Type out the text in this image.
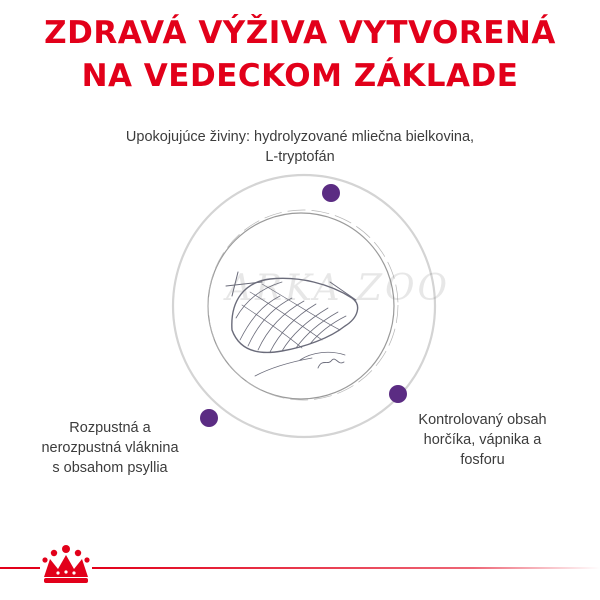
ZDRAVÁ VÝŽIVA VYTVORENÁ
NA VEDECKOM ZÁKLADE
ARKA ZOO
Upokojujúce živiny: hydrolyzované mliečna bielkovina,
L-tryptofán
Rozpustná a
nerozpustná vláknina
s obsahom psyllia
Kontrolovaný obsah
horčíka, vápnika a
fosforu
